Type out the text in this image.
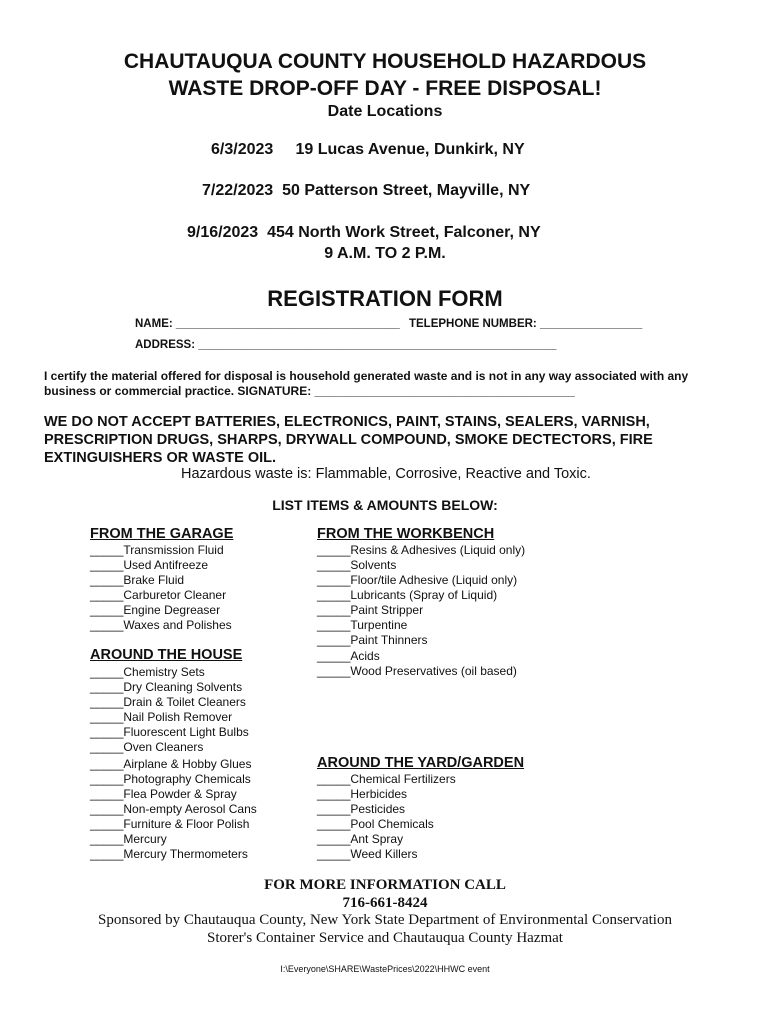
CHAUTAUQUA COUNTY HOUSEHOLD HAZARDOUS
WASTE DROP-OFF DAY - FREE DISPOSAL!
Date Locations
6/3/2023 19 Lucas Avenue, Dunkirk, NY
7/22/2023 50 Patterson Street, Mayville, NY
9/16/2023 454 North Work Street, Falconer, NY
9 A.M. TO 2 P.M.
REGISTRATION FORM
NAME: ___________________________________ TELEPHONE NUMBER: ________________
ADDRESS: ________________________________________________________
I certify the material offered for disposal is household generated waste and is not in any way associated with any
business or commercial practice. SIGNATURE: _______________________________________
WE DO NOT ACCEPT BATTERIES, ELECTRONICS, PAINT, STAINS, SEALERS, VARNISH,
PRESCRIPTION DRUGS, SHARPS, DRYWALL COMPOUND, SMOKE DECTECTORS, FIRE
EXTINGUISHERS OR WASTE OIL.
Hazardous waste is: Flammable, Corrosive, Reactive and Toxic.
LIST ITEMS & AMOUNTS BELOW:
FROM THE GARAGE
_____Transmission Fluid
_____Used Antifreeze
_____Brake Fluid
_____Carburetor Cleaner
_____Engine Degreaser
_____Waxes and Polishes
AROUND THE HOUSE
_____Chemistry Sets
_____Dry Cleaning Solvents
_____Drain & Toilet Cleaners
_____Nail Polish Remover
_____Fluorescent Light Bulbs
_____Oven Cleaners
_____Airplane & Hobby Glues
_____Photography Chemicals
_____Flea Powder & Spray
_____Non-empty Aerosol Cans
_____Furniture & Floor Polish
_____Mercury
_____Mercury Thermometers
FROM THE WORKBENCH
_____Resins & Adhesives (Liquid only)
_____Solvents
_____Floor/tile Adhesive (Liquid only)
_____Lubricants (Spray of Liquid)
_____Paint Stripper
_____Turpentine
_____Paint Thinners
_____Acids
_____Wood Preservatives (oil based)
AROUND THE YARD/GARDEN
_____Chemical Fertilizers
_____Herbicides
_____Pesticides
_____Pool Chemicals
_____Ant Spray
_____Weed Killers
FOR MORE INFORMATION CALL
716-661-8424
Sponsored by Chautauqua County, New York State Department of Environmental Conservation
Storer's Container Service and Chautauqua County Hazmat
I:\Everyone\SHARE\WastePrices\2022\HHWC event
